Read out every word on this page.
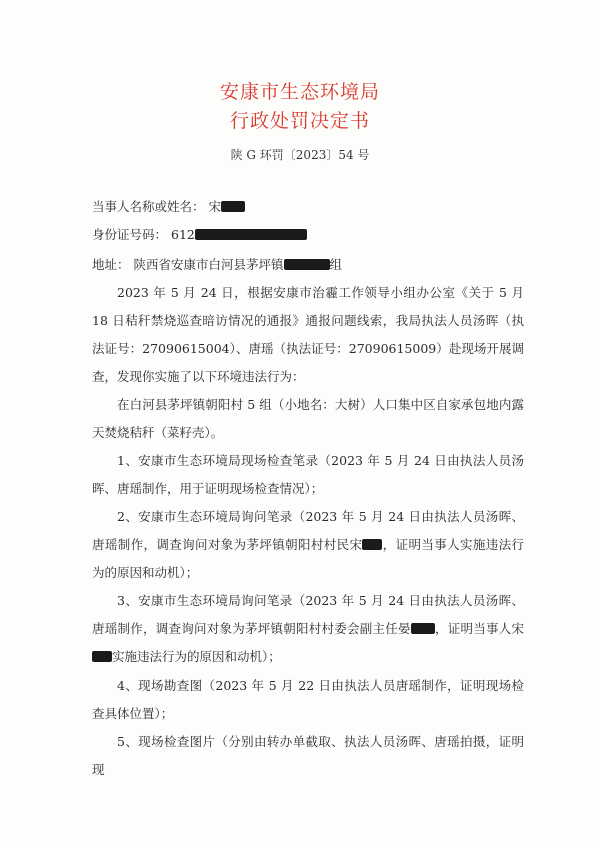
安康市生态环境局
行政处罚决定书
陕 G 环罚〔2023〕54 号
当事人名称或姓名： 宋
身份证号码： 612
地址： 陕西省安康市白河县茅坪镇	组
2023 年 5 月 24 日，根据安康市治霾工作领导小组办公室《关于 5 月 18 日秸秆禁烧巡查暗访情况的通报》通报问题线索，我局执法人员汤晖（执法证号：27090615004）、唐瑶（执法证号：27090615009）赴现场开展调查，发现你实施了以下环境违法行为：
在白河县茅坪镇朝阳村 5 组（小地名：大树）人口集中区自家承包地内露天焚烧秸秆（菜籽壳）。
1、安康市生态环境局现场检查笔录（2023 年 5 月 24 日由执法人员汤晖、唐瑶制作，用于证明现场检查情况）；
2、安康市生态环境局询问笔录（2023 年 5 月 24 日由执法人员汤晖、唐瑶制作，调查询问对象为茅坪镇朝阳村村民宋 ，证明当事人实施违法行为的原因和动机）；
3、安康市生态环境局询问笔录（2023 年 5 月 24 日由执法人员汤晖、唐瑶制作，调查询问对象为茅坪镇朝阳村村委会副主任晏 ，证明当事人宋实施违法行为的原因和动机）；
4、现场勘查图（2023 年 5 月 22 日由执法人员唐瑶制作，证明现场检查具体位置）；
5、现场检查图片（分别由转办单截取、执法人员汤晖、唐瑶拍摄，证明现
